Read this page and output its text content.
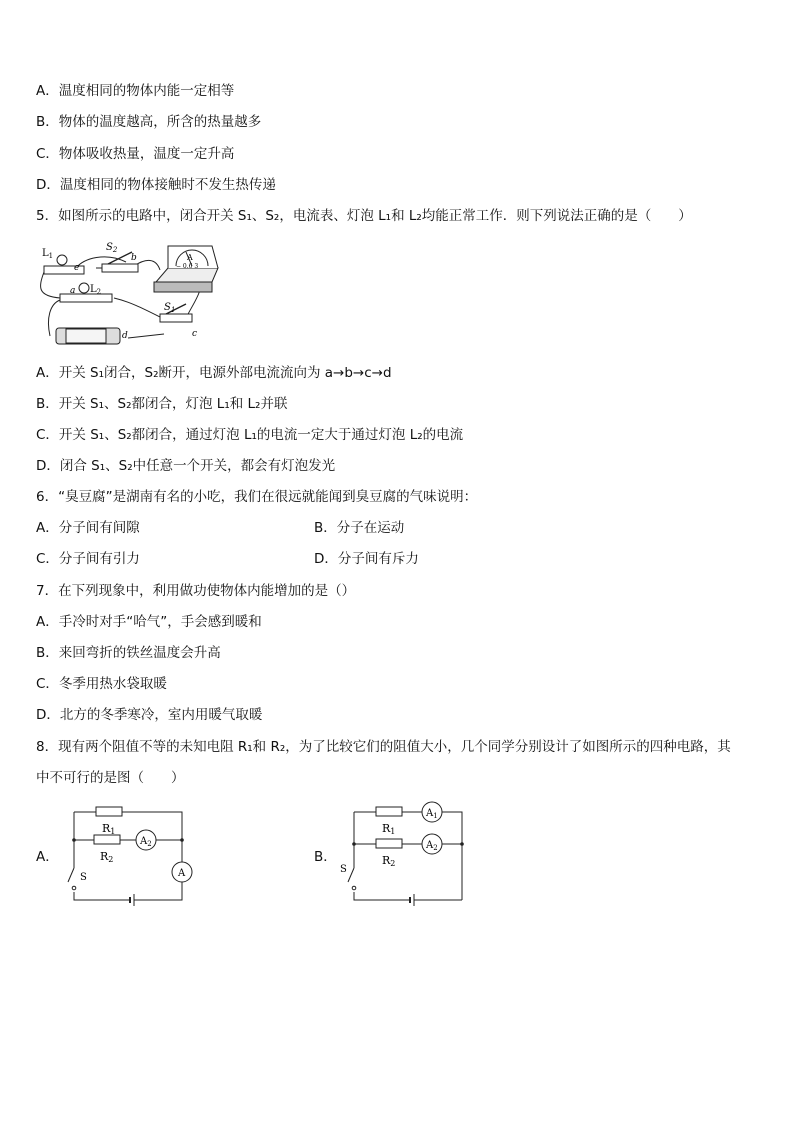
A．温度相同的物体内能一定相等
B．物体的温度越高，所含的热量越多
C．物体吸收热量，温度一定升高
D．温度相同的物体接触时不发生热传递
5．如图所示的电路中，闭合开关 S₁、S₂，电流表、灯泡 L₁和 L₂均能正常工作．则下列说法正确的是（　　）
$L_1$
$S_2$
b
e
a $L_2$
A
− 0.6 3
$S_1$
c
d
A．开关 S₁闭合，S₂断开，电源外部电流流向为 a→b→c→d
B．开关 S₁、S₂都闭合，灯泡 L₁和 L₂并联
C．开关 S₁、S₂都闭合，通过灯泡 L₁的电流一定大于通过灯泡 L₂的电流
D．闭合 S₁、S₂中任意一个开关，都会有灯泡发光
6．“臭豆腐”是湖南有名的小吃，我们在很远就能闻到臭豆腐的气味说明：
A．分子间有间隙	B．分子在运动
C．分子间有引力	D．分子间有斥力
7．在下列现象中，利用做功使物体内能增加的是（）
A．手冷时对手“哈气”，手会感到暖和
B．来回弯折的铁丝温度会升高
C．冬季用热水袋取暖
D．北方的冬季寒冷，室内用暖气取暖
8．现有两个阻值不等的未知电阻 R₁和 R₂，为了比较它们的阻值大小，几个同学分别设计了如图所示的四种电路，其
中不可行的是图（　　）
A．
R1
R2
$A_2$
A
S
B．
R1
R2
$A_1$
$A_2$
S
